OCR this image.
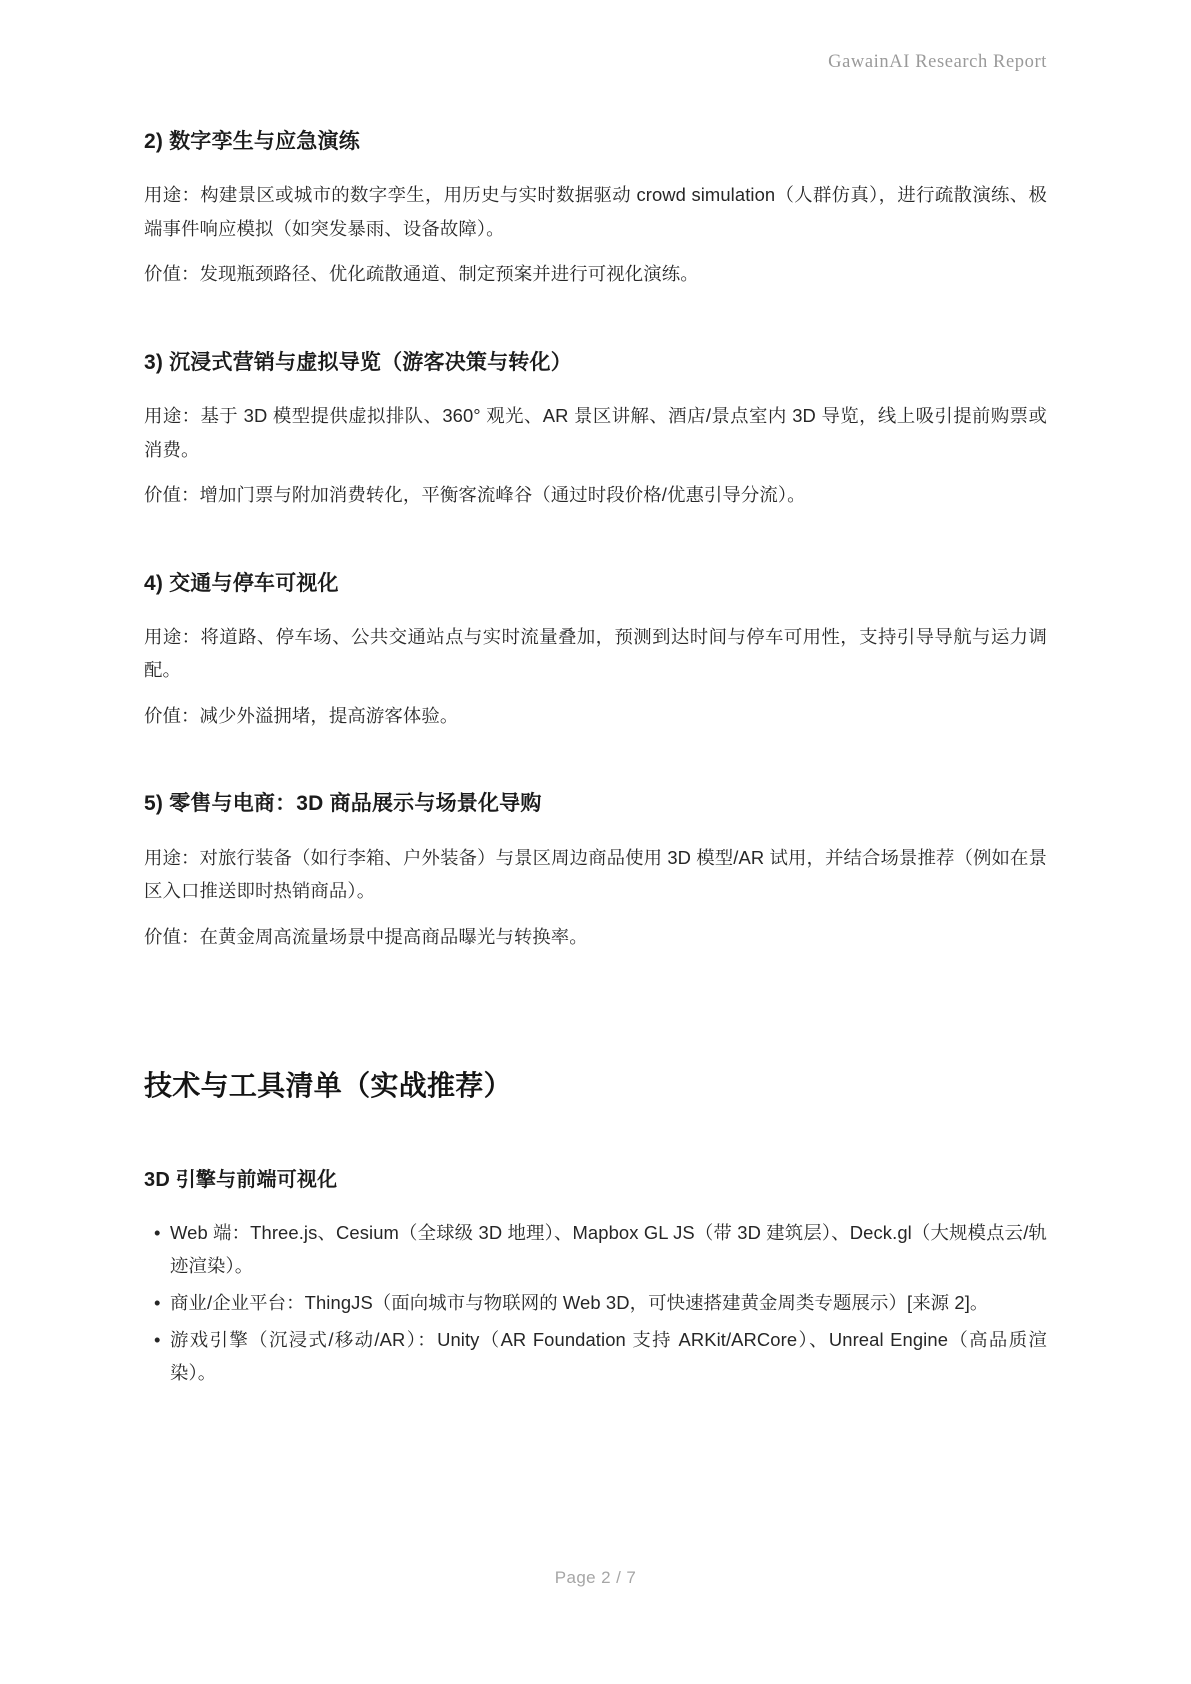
GawainAI Research Report
2) 数字孪生与应急演练

用途：构建景区或城市的数字孪生，用历史与实时数据驱动 crowd simulation（人群仿真），进行疏散演练、极端事件响应模拟（如突发暴雨、设备故障）。

价值：发现瓶颈路径、优化疏散通道、制定预案并进行可视化演练。

3) 沉浸式营销与虚拟导览（游客决策与转化）

用途：基于 3D 模型提供虚拟排队、360° 观光、AR 景区讲解、酒店/景点室内 3D 导览，线上吸引提前购票或消费。

价值：增加门票与附加消费转化，平衡客流峰谷（通过时段价格/优惠引导分流）。

4) 交通与停车可视化

用途：将道路、停车场、公共交通站点与实时流量叠加，预测到达时间与停车可用性，支持引导导航与运力调配。

价值：减少外溢拥堵，提高游客体验。

5) 零售与电商：3D 商品展示与场景化导购

用途：对旅行装备（如行李箱、户外装备）与景区周边商品使用 3D 模型/AR 试用，并结合场景推荐（例如在景区入口推送即时热销商品）。

价值：在黄金周高流量场景中提高商品曝光与转换率。

技术与工具清单（实战推荐）
3D 引擎与前端可视化
• Web 端：Three.js、Cesium（全球级 3D 地理）、Mapbox GL JS（带 3D 建筑层）、Deck.gl（大规模点云/轨迹渲染）。
• 商业/企业平台：ThingJS（面向城市与物联网的 Web 3D，可快速搭建黄金周类专题展示）[来源 2]。
• 游戏引擎（沉浸式/移动/AR）：Unity（AR Foundation 支持 ARKit/ARCore）、Unreal Engine（高品质渲染）。
Page 2 / 7
